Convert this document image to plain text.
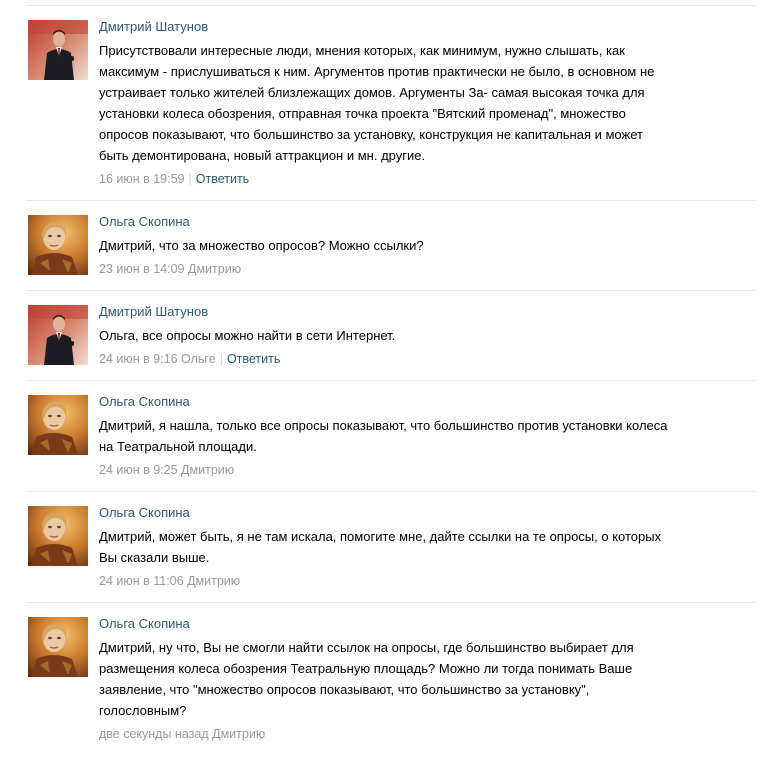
Дмитрий Шатунов
Присутствовали интересные люди, мнения которых, как минимум, нужно слышать, как
максимум - прислушиваться к ним. Аргументов против практически не было, в основном не
устраивает только жителей близлежащих домов. Аргументы За- самая высокая точка для
установки колеса обозрения, отправная точка проекта "Вятский променад", множество
опросов показывают, что большинство за установку, конструкция не капитальная и может
быть демонтирована, новый аттракцион и мн. другие.
16 июн в 19:59 | Ответить
Ольга Скопина
Дмитрий, что за множество опросов? Можно ссылки?
23 июн в 14:09 Дмитрию
Дмитрий Шатунов
Ольга, все опросы можно найти в сети Интернет.
24 июн в 9:16 Ольге | Ответить
Ольга Скопина
Дмитрий, я нашла, только все опросы показывают, что большинство против установки колеса
на Театральной площади.
24 июн в 9:25 Дмитрию
Ольга Скопина
Дмитрий, может быть, я не там искала, помогите мне, дайте ссылки на те опросы, о которых
Вы сказали выше.
24 июн в 11:06 Дмитрию
Ольга Скопина
Дмитрий, ну что, Вы не смогли найти ссылок на опросы, где большинство выбирает для
размещения колеса обозрения Театральную площадь? Можно ли тогда понимать Ваше
заявление, что "множество опросов показывают, что большинство за установку",
голословным?
две секунды назад Дмитрию
